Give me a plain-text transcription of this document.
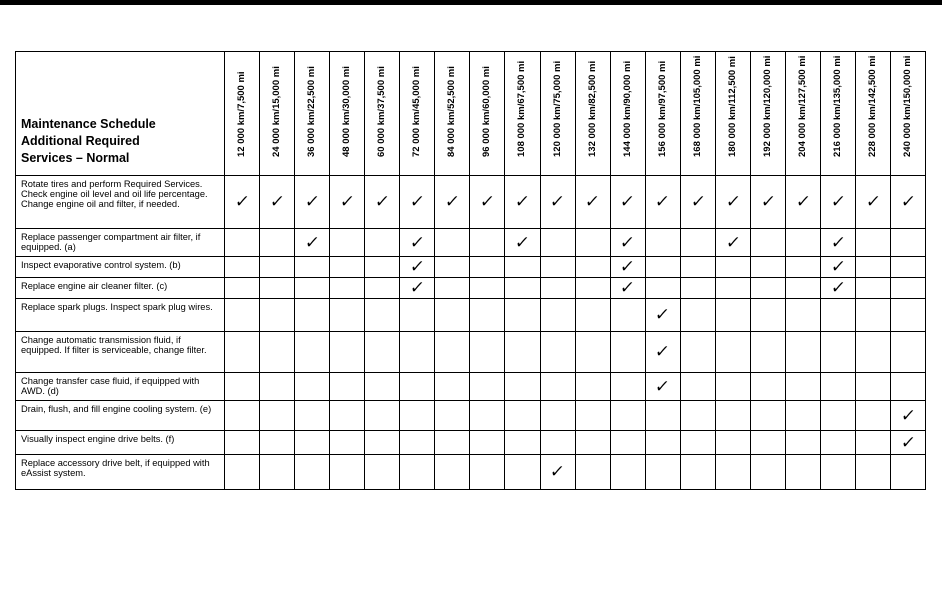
Maintenance Schedule
Additional Required
Services – Normal	12 000 km/7,500 mi	24 000 km/15,000 mi	36 000 km/22,500 mi	48 000 km/30,000 mi	60 000 km/37,500 mi	72 000 km/45,000 mi	84 000 km/52,500 mi	96 000 km/60,000 mi	108 000 km/67,500 mi	120 000 km/75,000 mi	132 000 km/82,500 mi	144 000 km/90,000 mi	156 000 km/97,500 mi	168 000 km/105,000 mi	180 000 km/112,500 mi	192 000 km/120,000 mi	204 000 km/127,500 mi	216 000 km/135,000 mi	228 000 km/142,500 mi	240 000 km/150,000 mi

Rotate tires and perform Required Services. Check engine oil level and oil life percentage. Change engine oil and filter, if needed.	✓	✓	✓	✓	✓	✓	✓	✓	✓	✓	✓	✓	✓	✓	✓	✓	✓	✓	✓	✓
Replace passenger compartment air filter, if equipped. (a)			✓			✓			✓			✓			✓			✓		
Inspect evaporative control system. (b)						✓						✓						✓		
Replace engine air cleaner filter. (c)						✓						✓						✓		
Replace spark plugs. Inspect spark plug wires.													✓							
Change automatic transmission fluid, if equipped. If filter is serviceable, change filter.													✓							
Change transfer case fluid, if equipped with AWD. (d)													✓							
Drain, flush, and fill engine cooling system. (e)																				✓
Visually inspect engine drive belts. (f)																				✓
Replace accessory drive belt, if equipped with eAssist system.										✓										
